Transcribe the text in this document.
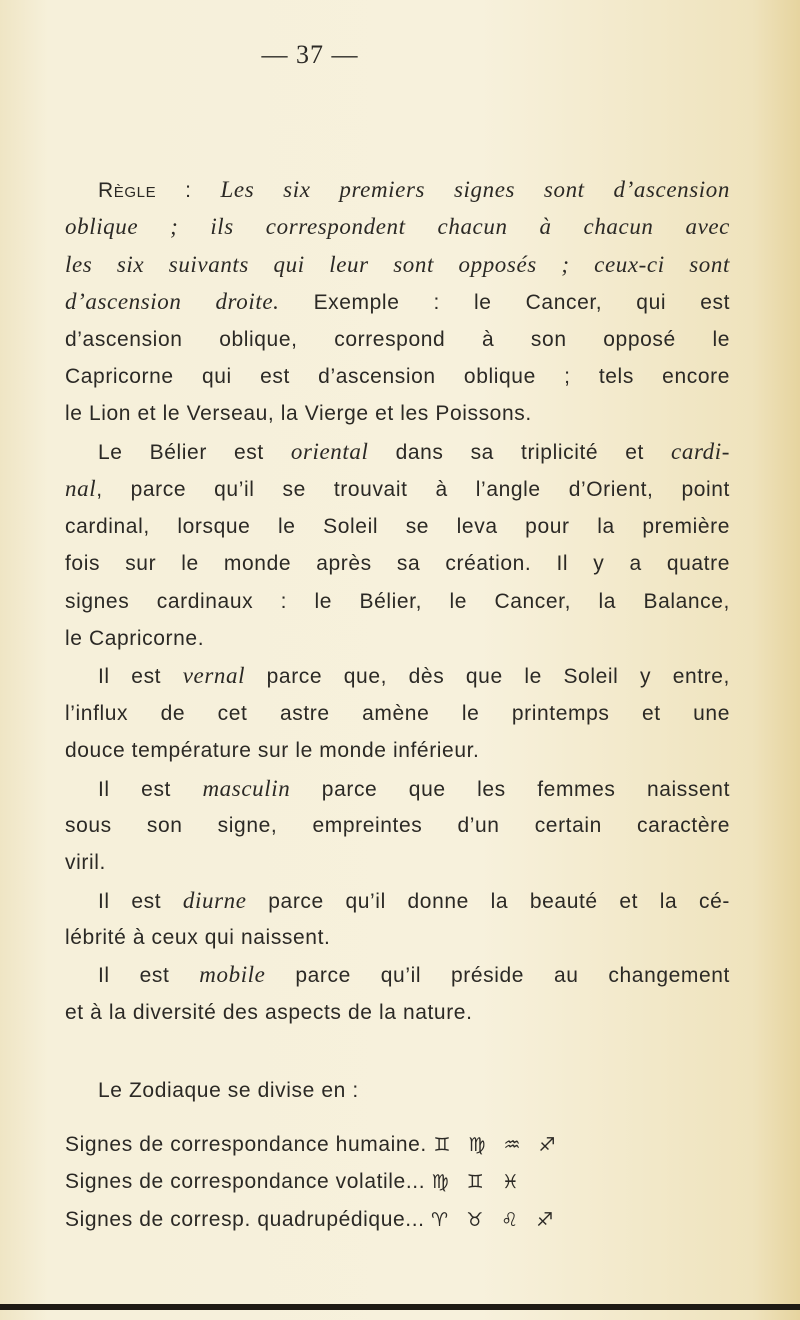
— 37 —
Règle : Les six premiers signes sont d’ascension
oblique ; ils correspondent chacun à chacun avec
les six suivants qui leur sont opposés ; ceux-ci sont
d’ascension droite. Exemple : le Cancer, qui est
d’ascension oblique, correspond à son opposé le
Capricorne qui est d’ascension oblique ; tels encore
le Lion et le Verseau, la Vierge et les Poissons.
Le Bélier est oriental dans sa triplicité et cardi-
nal, parce qu’il se trouvait à l’angle d’Orient, point
cardinal, lorsque le Soleil se leva pour la première
fois sur le monde après sa création. Il y a quatre
signes cardinaux : le Bélier, le Cancer, la Balance,
le Capricorne.
Il est vernal parce que, dès que le Soleil y entre,
l’influx de cet astre amène le printemps et une
douce température sur le monde inférieur.
Il est masculin parce que les femmes naissent
sous son signe, empreintes d’un certain caractère
viril.
Il est diurne parce qu’il donne la beauté et la cé-
lébrité à ceux qui naissent.
Il est mobile parce qu’il préside au changement
et à la diversité des aspects de la nature.
Le Zodiaque se divise en :
Signes de correspondance humaine. ♊ ♍ ♒ ♐
Signes de correspondance volatile... ♍ ♊ ♓
Signes de corresp. quadrupédique... ♈ ♉ ♌ ♐
